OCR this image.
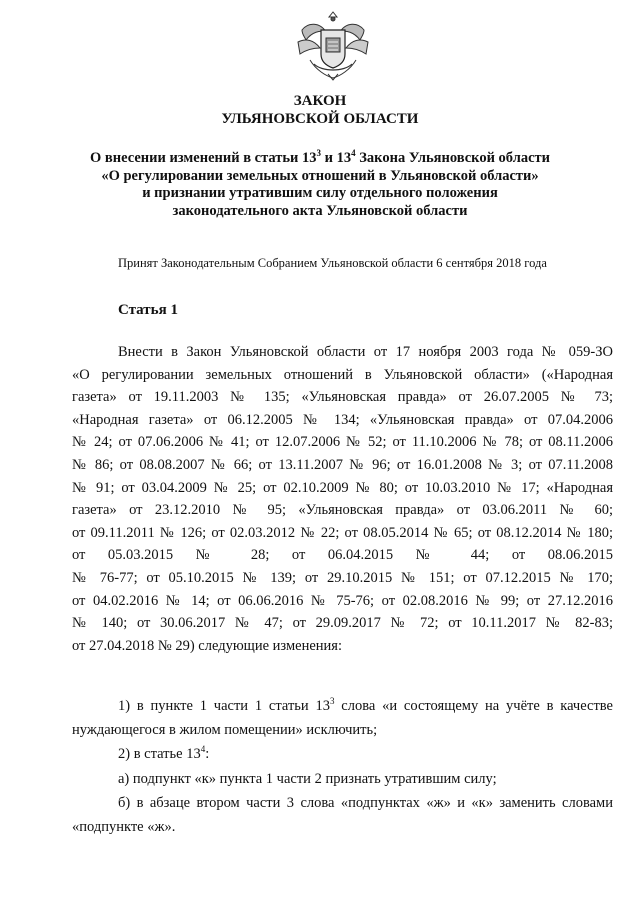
ЗАКОН
УЛЬЯНОВСКОЙ ОБЛАСТИ
О внесении изменений в статьи $13^3$ и $13^4$ Закона Ульяновской области
«О регулировании земельных отношений в Ульяновской области»
и признании утратившим силу отдельного положения
законодательного акта Ульяновской области
Принят Законодательным Собранием Ульяновской области 6 сентября 2018 года
Статья 1
Внести в Закон Ульяновской области от 17 ноября 2003 года № 059-ЗО
«О регулировании земельных отношений в Ульяновской области» («Народная
газета» от 19.11.2003 № 135; «Ульяновская правда» от 26.07.2005 № 73;
«Народная газета» от 06.12.2005 № 134; «Ульяновская правда» от 07.04.2006
№ 24; от 07.06.2006 № 41; от 12.07.2006 № 52; от 11.10.2006 № 78; от 08.11.2006
№ 86; от 08.08.2007 № 66; от 13.11.2007 № 96; от 16.01.2008 № 3; от 07.11.2008
№ 91; от 03.04.2009 № 25; от 02.10.2009 № 80; от 10.03.2010 № 17; «Народная
газета» от 23.12.2010 № 95; «Ульяновская правда» от 03.06.2011 № 60;
от 09.11.2011 № 126; от 02.03.2012 № 22; от 08.05.2014 № 65; от 08.12.2014 № 180;
от 05.03.2015 № 28; от 06.04.2015 № 44; от 08.06.2015
№ 76-77; от 05.10.2015 № 139; от 29.10.2015 № 151; от 07.12.2015 № 170;
от 04.02.2016 № 14; от 06.06.2016 № 75-76; от 02.08.2016 № 99; от 27.12.2016
№ 140; от 30.06.2017 № 47; от 29.09.2017 № 72; от 10.11.2017 № 82-83;
от 27.04.2018 № 29) следующие изменения:
1) в пункте 1 части 1 статьи $13^3$ слова «и состоящему на учёте в качестве
нуждающегося в жилом помещении» исключить;
2) в статье $13^4$:
а) подпункт «к» пункта 1 части 2 признать утратившим силу;
б) в абзаце втором части 3 слова «подпунктах «ж» и «к» заменить словами
«подпункте «ж».
